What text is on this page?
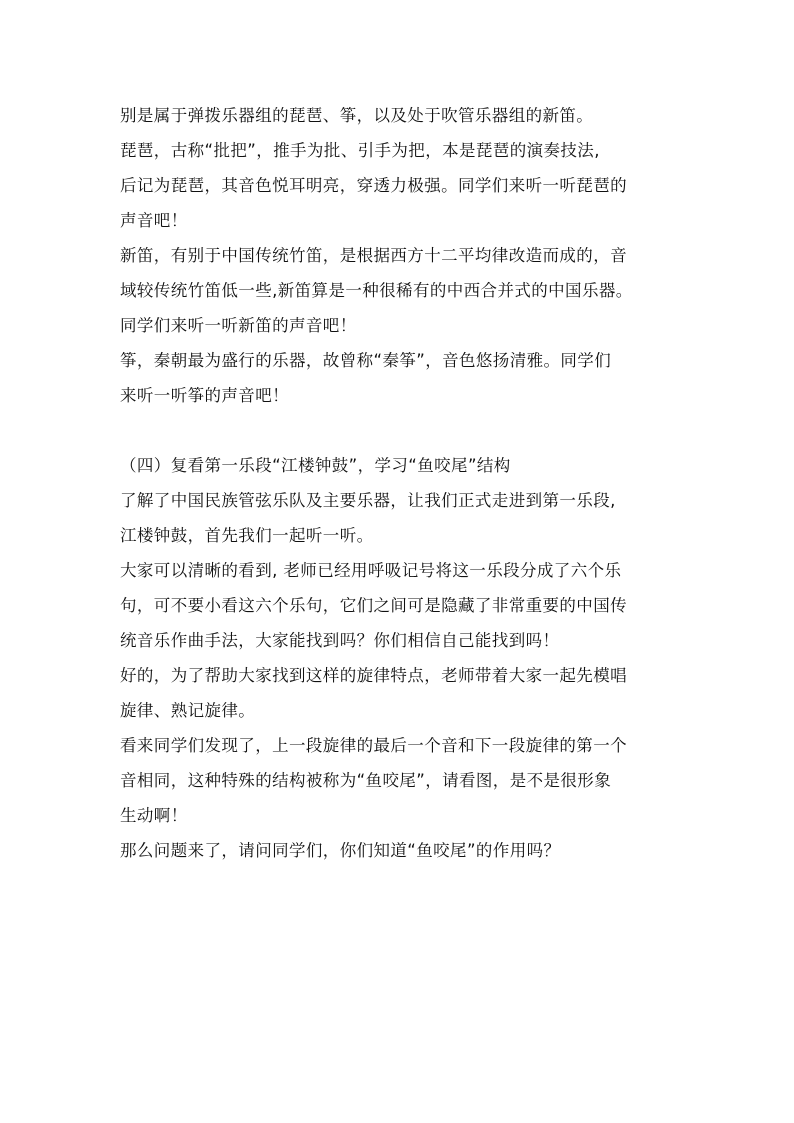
别是属于弹拨乐器组的琵琶、筝，以及处于吹管乐器组的新笛。
琵琶，古称“批把”，推手为批、引手为把，本是琵琶的演奏技法,
后记为琵琶，其音色悦耳明亮，穿透力极强。同学们来听一听琵琶的
声音吧！
新笛，有别于中国传统竹笛，是根据西方十二平均律改造而成的，音
域较传统竹笛低一些,新笛算是一种很稀有的中西合并式的中国乐器。
同学们来听一听新笛的声音吧！
筝，秦朝最为盛行的乐器，故曾称“秦筝”，音色悠扬清雅。同学们
来听一听筝的声音吧！
（四）复看第一乐段“江楼钟鼓”，学习“鱼咬尾”结构
了解了中国民族管弦乐队及主要乐器，让我们正式走进到第一乐段,
江楼钟鼓，首先我们一起听一听。
大家可以清晰的看到, 老师已经用呼吸记号将这一乐段分成了六个乐
句，可不要小看这六个乐句，它们之间可是隐藏了非常重要的中国传
统音乐作曲手法，大家能找到吗？你们相信自己能找到吗！
好的，为了帮助大家找到这样的旋律特点，老师带着大家一起先模唱
旋律、熟记旋律。
看来同学们发现了，上一段旋律的最后一个音和下一段旋律的第一个
音相同，这种特殊的结构被称为“鱼咬尾”，请看图，是不是很形象
生动啊！
那么问题来了，请问同学们，你们知道“鱼咬尾”的作用吗？
